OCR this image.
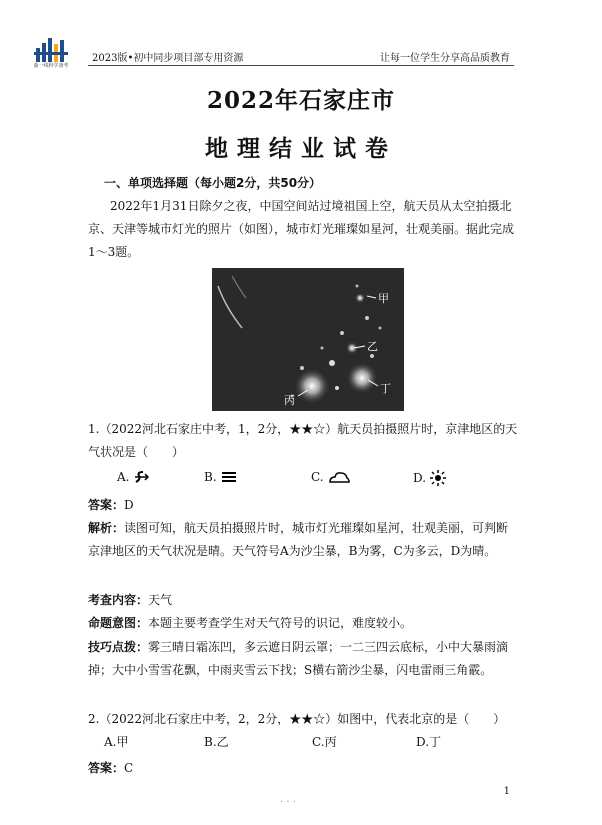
曲一线科学备考
2023版•初中同步项目部专用资源	让每一位学生分享高品质教育
2022年石家庄市
地理结业试卷
一、单项选择题（每小题2分，共50分）
2022年1月31日除夕之夜，中国空间站过境祖国上空，航天员从太空拍摄北京、天津等城市灯光的照片（如图），城市灯光璀璨如星河，壮观美丽。据此完成1～3题。
甲
乙
丙
丁
1.（2022河北石家庄中考，1，2分，★★☆）航天员拍摄照片时，京津地区的天气状况是（　　）
A.	B.	C.	D.
答案：D
解析：读图可知，航天员拍摄照片时，城市灯光璀璨如星河，壮观美丽，可判断京津地区的天气状况是晴。天气符号A为沙尘暴，B为雾，C为多云，D为晴。
考查内容：天气
命题意图：本题主要考查学生对天气符号的识记，难度较小。
技巧点拨：雾三晴日霜冻凹，多云遮日阴云罩；一二三四云底标，小中大暴雨滴掉；大中小雪雪花飘，中雨夹雪云下找；S横右箭沙尘暴，闪电雷雨三角霰。
2.（2022河北石家庄中考，2，2分，★★☆）如图中，代表北京的是（　　）
A.甲	B.乙	C.丙	D.丁
答案：C
1
· · ·
